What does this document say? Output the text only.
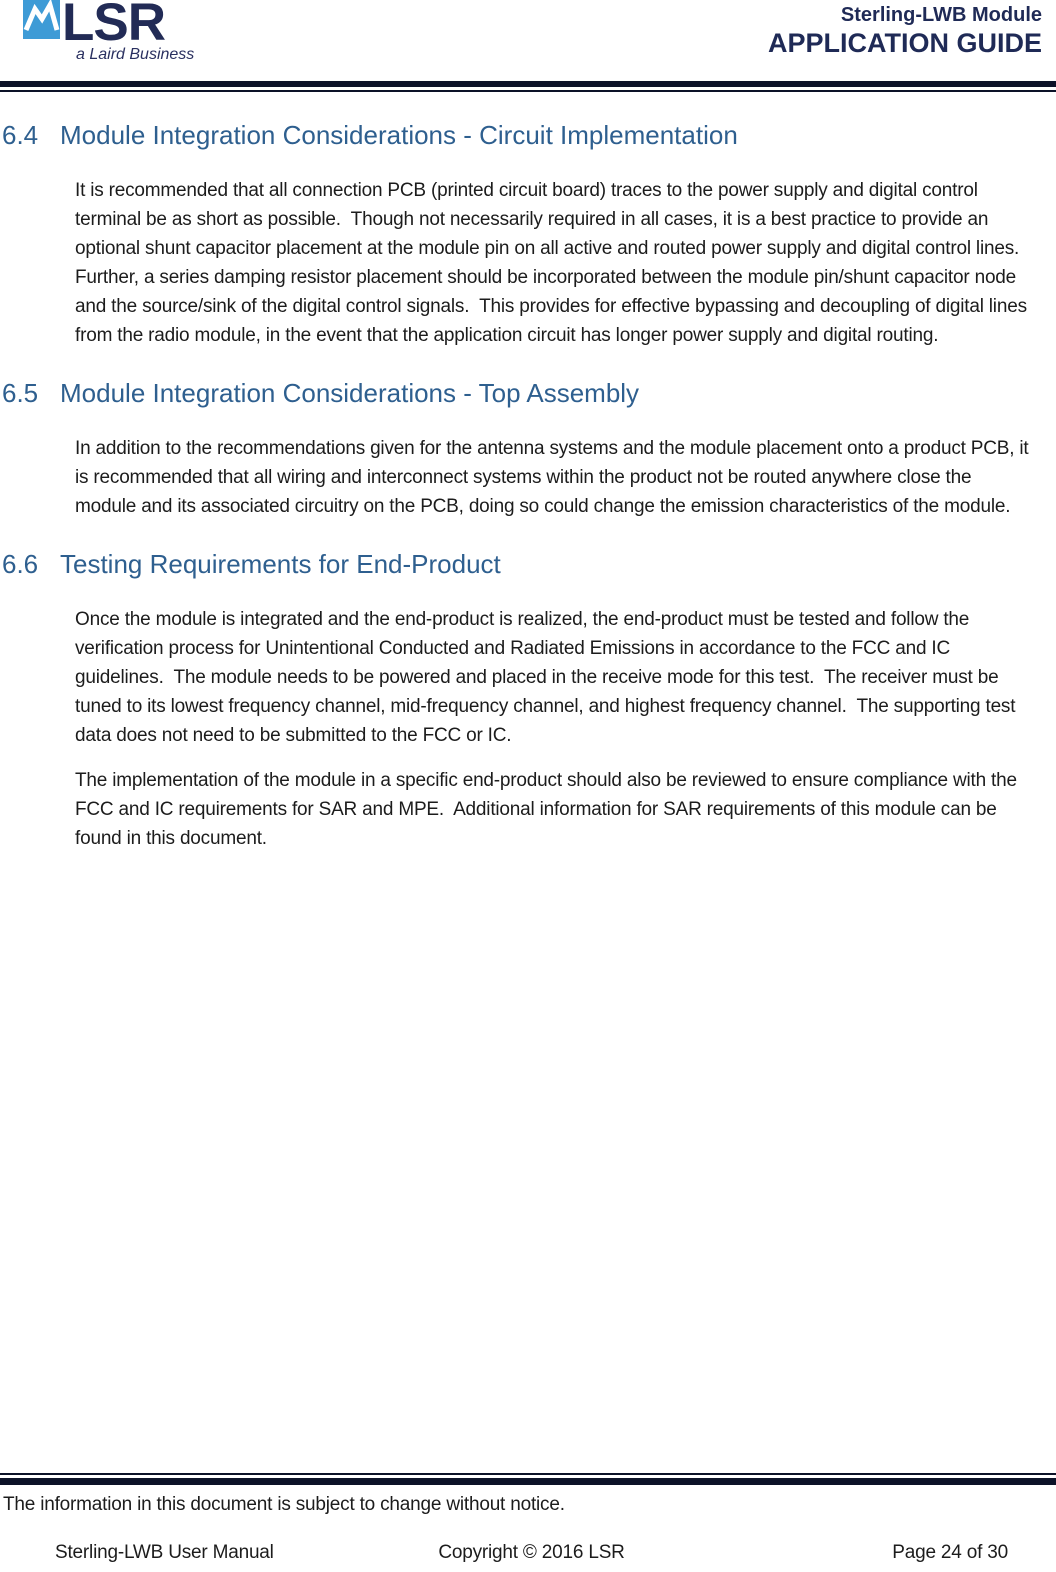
LSR
a Laird Business
Sterling-LWB Module
APPLICATION GUIDE
6.4 Module Integration Considerations - Circuit Implementation

It is recommended that all connection PCB (printed circuit board) traces to the power supply and digital control terminal be as short as possible.  Though not necessarily required in all cases, it is a best practice to provide an optional shunt capacitor placement at the module pin on all active and routed power supply and digital control lines.  Further, a series damping resistor placement should be incorporated between the module pin/shunt capacitor node and the source/sink of the digital control signals.  This provides for effective bypassing and decoupling of digital lines from the radio module, in the event that the application circuit has longer power supply and digital routing.

6.5 Module Integration Considerations - Top Assembly

In addition to the recommendations given for the antenna systems and the module placement onto a product PCB, it is recommended that all wiring and interconnect systems within the product not be routed anywhere close the module and its associated circuitry on the PCB, doing so could change the emission characteristics of the module.

6.6 Testing Requirements for End-Product

Once the module is integrated and the end-product is realized, the end-product must be tested and follow the verification process for Unintentional Conducted and Radiated Emissions in accordance to the FCC and IC guidelines.  The module needs to be powered and placed in the receive mode for this test.  The receiver must be tuned to its lowest frequency channel, mid-frequency channel, and highest frequency channel.  The supporting test data does not need to be submitted to the FCC or IC.

The implementation of the module in a specific end-product should also be reviewed to ensure compliance with the FCC and IC requirements for SAR and MPE.  Additional information for SAR requirements of this module can be found in this document.

The information in this document is subject to change without notice.
Sterling-LWB User Manual	Copyright © 2016 LSR	Page 24 of 30
